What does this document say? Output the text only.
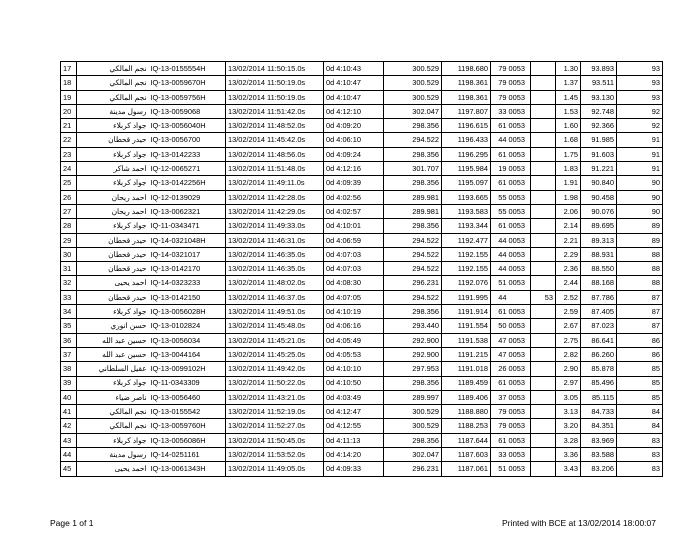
17	نجم المالكي	IQ-13-0155554H	13/02/2014 11:50:15.0s	0d 4:10:43	300.529	1198.680	79	0053		1.30	93.893	93
18	نجم المالكي	IQ-13-0059670H	13/02/2014 11:50:19.0s	0d 4:10:47	300.529	1198.361	79	0053		1.37	93.511	93
19	نجم المالكي	IQ-13-0059756H	13/02/2014 11:50:19.0s	0d 4:10:47	300.529	1198.361	79	0053		1.45	93.130	93
20	رسول مدينة	IQ-13-0059068	13/02/2014 11:51:42.0s	0d 4:12:10	302.047	1197.807	33	0053		1.53	92.748	92
21	جواد كربلاء	IQ-13-0056040H	13/02/2014 11:48:52.0s	0d 4:09:20	298.356	1196.615	61	0053		1.60	92.366	92
22	حيدر قحطان	IQ-13-0056700	13/02/2014 11:45:42.0s	0d 4:06:10	294.522	1196.433	44	0053		1.68	91.985	91
23	جواد كربلاء	IQ-13-0142233	13/02/2014 11:48:56.0s	0d 4:09:24	298.356	1196.295	61	0053		1.75	91.603	91
24	احمد شاكر	IQ-12-0065271	13/02/2014 11:51:48.0s	0d 4:12:16	301.707	1195.984	19	0053		1.83	91.221	91
25	جواد كربلاء	IQ-13-0142256H	13/02/2014 11:49:11.0s	0d 4:09:39	298.356	1195.097	61	0053		1.91	90.840	90
26	احمد ريحان	IQ-12-0139029	13/02/2014 11:42:28.0s	0d 4:02:56	289.981	1193.665	55	0053		1.98	90.458	90
27	احمد ريحان	IQ-13-0062321	13/02/2014 11:42:29.0s	0d 4:02:57	289.981	1193.583	55	0053		2.06	90.076	90
28	جواد كربلاء	IQ-11-0343471	13/02/2014 11:49:33.0s	0d 4:10:01	298.356	1193.344	61	0053		2.14	89.695	89
29	حيدر قحطان	IQ-14-0321048H	13/02/2014 11:46:31.0s	0d 4:06:59	294.522	1192.477	44	0053		2.21	89.313	89
30	حيدر قحطان	IQ-14-0321017	13/02/2014 11:46:35.0s	0d 4:07:03	294.522	1192.155	44	0053		2.29	88.931	88
31	حيدر قحطان	IQ-13-0142170	13/02/2014 11:46:35.0s	0d 4:07:03	294.522	1192.155	44	0053		2.36	88.550	88
32	احمد يحيى	IQ-14-0323233	13/02/2014 11:48:02.0s	0d 4:08:30	296.231	1192.076	51	0053		2.44	88.168	88
33	حيدر قحطان	IQ-13-0142150	13/02/2014 11:46:37.0s	0d 4:07:05	294.522	1191.995	44		53	2.52	87.786	87
34	جواد كربلاء	IQ-13-0056028H	13/02/2014 11:49:51.0s	0d 4:10:19	298.356	1191.914	61	0053		2.59	87.405	87
35	حسن انوري	IQ-13-0102824	13/02/2014 11:45:48.0s	0d 4:06:16	293.440	1191.554	50	0053		2.67	87.023	87
36	حسين عبد الله	IQ-13-0056034	13/02/2014 11:45:21.0s	0d 4:05:49	292.900	1191.538	47	0053		2.75	86.641	86
37	حسين عبد الله	IQ-13-0044164	13/02/2014 11:45:25.0s	0d 4:05:53	292.900	1191.215	47	0053		2.82	86.260	86
38	عقيل السلطاني	IQ-13-0099102H	13/02/2014 11:49:42.0s	0d 4:10:10	297.953	1191.018	26	0053		2.90	85.878	85
39	جواد كربلاء	IQ-11-0343309	13/02/2014 11:50:22.0s	0d 4:10:50	298.356	1189.459	61	0053		2.97	85.496	85
40	ناصر ضياء	IQ-13-0056460	13/02/2014 11:43:21.0s	0d 4:03:49	289.997	1189.406	37	0053		3.05	85.115	85
41	نجم المالكي	IQ-13-0155542	13/02/2014 11:52:19.0s	0d 4:12:47	300.529	1188.880	79	0053		3.13	84.733	84
42	نجم المالكي	IQ-13-0059760H	13/02/2014 11:52:27.0s	0d 4:12:55	300.529	1188.253	79	0053		3.20	84.351	84
43	جواد كربلاء	IQ-13-0056086H	13/02/2014 11:50:45.0s	0d 4:11:13	298.356	1187.644	61	0053		3.28	83.969	83
44	رسول مدينة	IQ-14-0251161	13/02/2014 11:53:52.0s	0d 4:14:20	302.047	1187.603	33	0053		3.36	83.588	83
45	احمد يحيى	IQ-13-0061343H	13/02/2014 11:49:05.0s	0d 4:09:33	296.231	1187.061	51	0053		3.43	83.206	83
Page 1 of 1	Printed with BCE at 13/02/2014 18:00:07
